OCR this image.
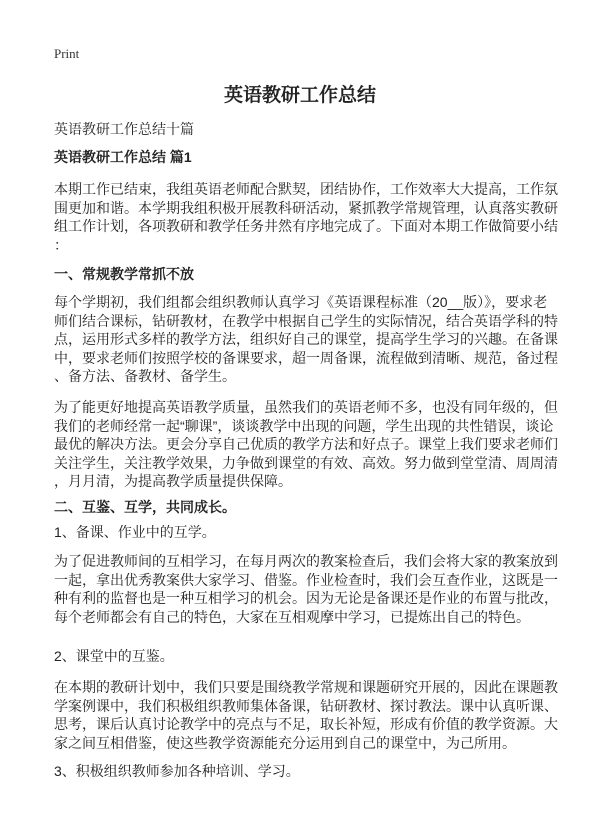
Print
英语教研工作总结
英语教研工作总结十篇
英语教研工作总结 篇1
本期工作已结束，我组英语老师配合默契，团结协作，工作效率大大提高，工作氛
围更加和谐。本学期我组积极开展教科研活动，紧抓教学常规管理，认真落实教研
组工作计划，各项教研和教学任务井然有序地完成了。下面对本期工作做简要小结
：
一、常规教学常抓不放
每个学期初，我们组都会组织教师认真学习《英语课程标准（20__版）》，要求老
师们结合课标，钻研教材，在教学中根据自己学生的实际情况，结合英语学科的特
点，运用形式多样的教学方法，组织好自己的课堂，提高学生学习的兴趣。在备课
中，要求老师们按照学校的备课要求，超一周备课，流程做到清晰、规范，备过程
、备方法、备教材、备学生。
为了能更好地提高英语教学质量，虽然我们的英语老师不多，也没有同年级的，但
我们的老师经常一起“聊课”，谈谈教学中出现的问题，学生出现的共性错误，谈论
最优的解决方法。更会分享自己优质的教学方法和好点子。课堂上我们要求老师们
关注学生，关注教学效果，力争做到课堂的有效、高效。努力做到堂堂清、周周清
，月月清，为提高教学质量提供保障。
二、互鉴、互学，共同成长。
1、备课、作业中的互学。
为了促进教师间的互相学习，在每月两次的教案检查后，我们会将大家的教案放到
一起，拿出优秀教案供大家学习、借鉴。作业检查时，我们会互查作业，这既是一
种有利的监督也是一种互相学习的机会。因为无论是备课还是作业的布置与批改，
每个老师都会有自己的特色，大家在互相观摩中学习，已提炼出自己的特色。
2、课堂中的互鉴。
在本期的教研计划中，我们只要是围绕教学常规和课题研究开展的，因此在课题教
学案例课中，我们积极组织教师集体备课，钻研教材、探讨教法。课中认真听课、
思考，课后认真讨论教学中的亮点与不足，取长补短，形成有价值的教学资源。大
家之间互相借鉴，使这些教学资源能充分运用到自己的课堂中，为己所用。
3、积极组织教师参加各种培训、学习。
